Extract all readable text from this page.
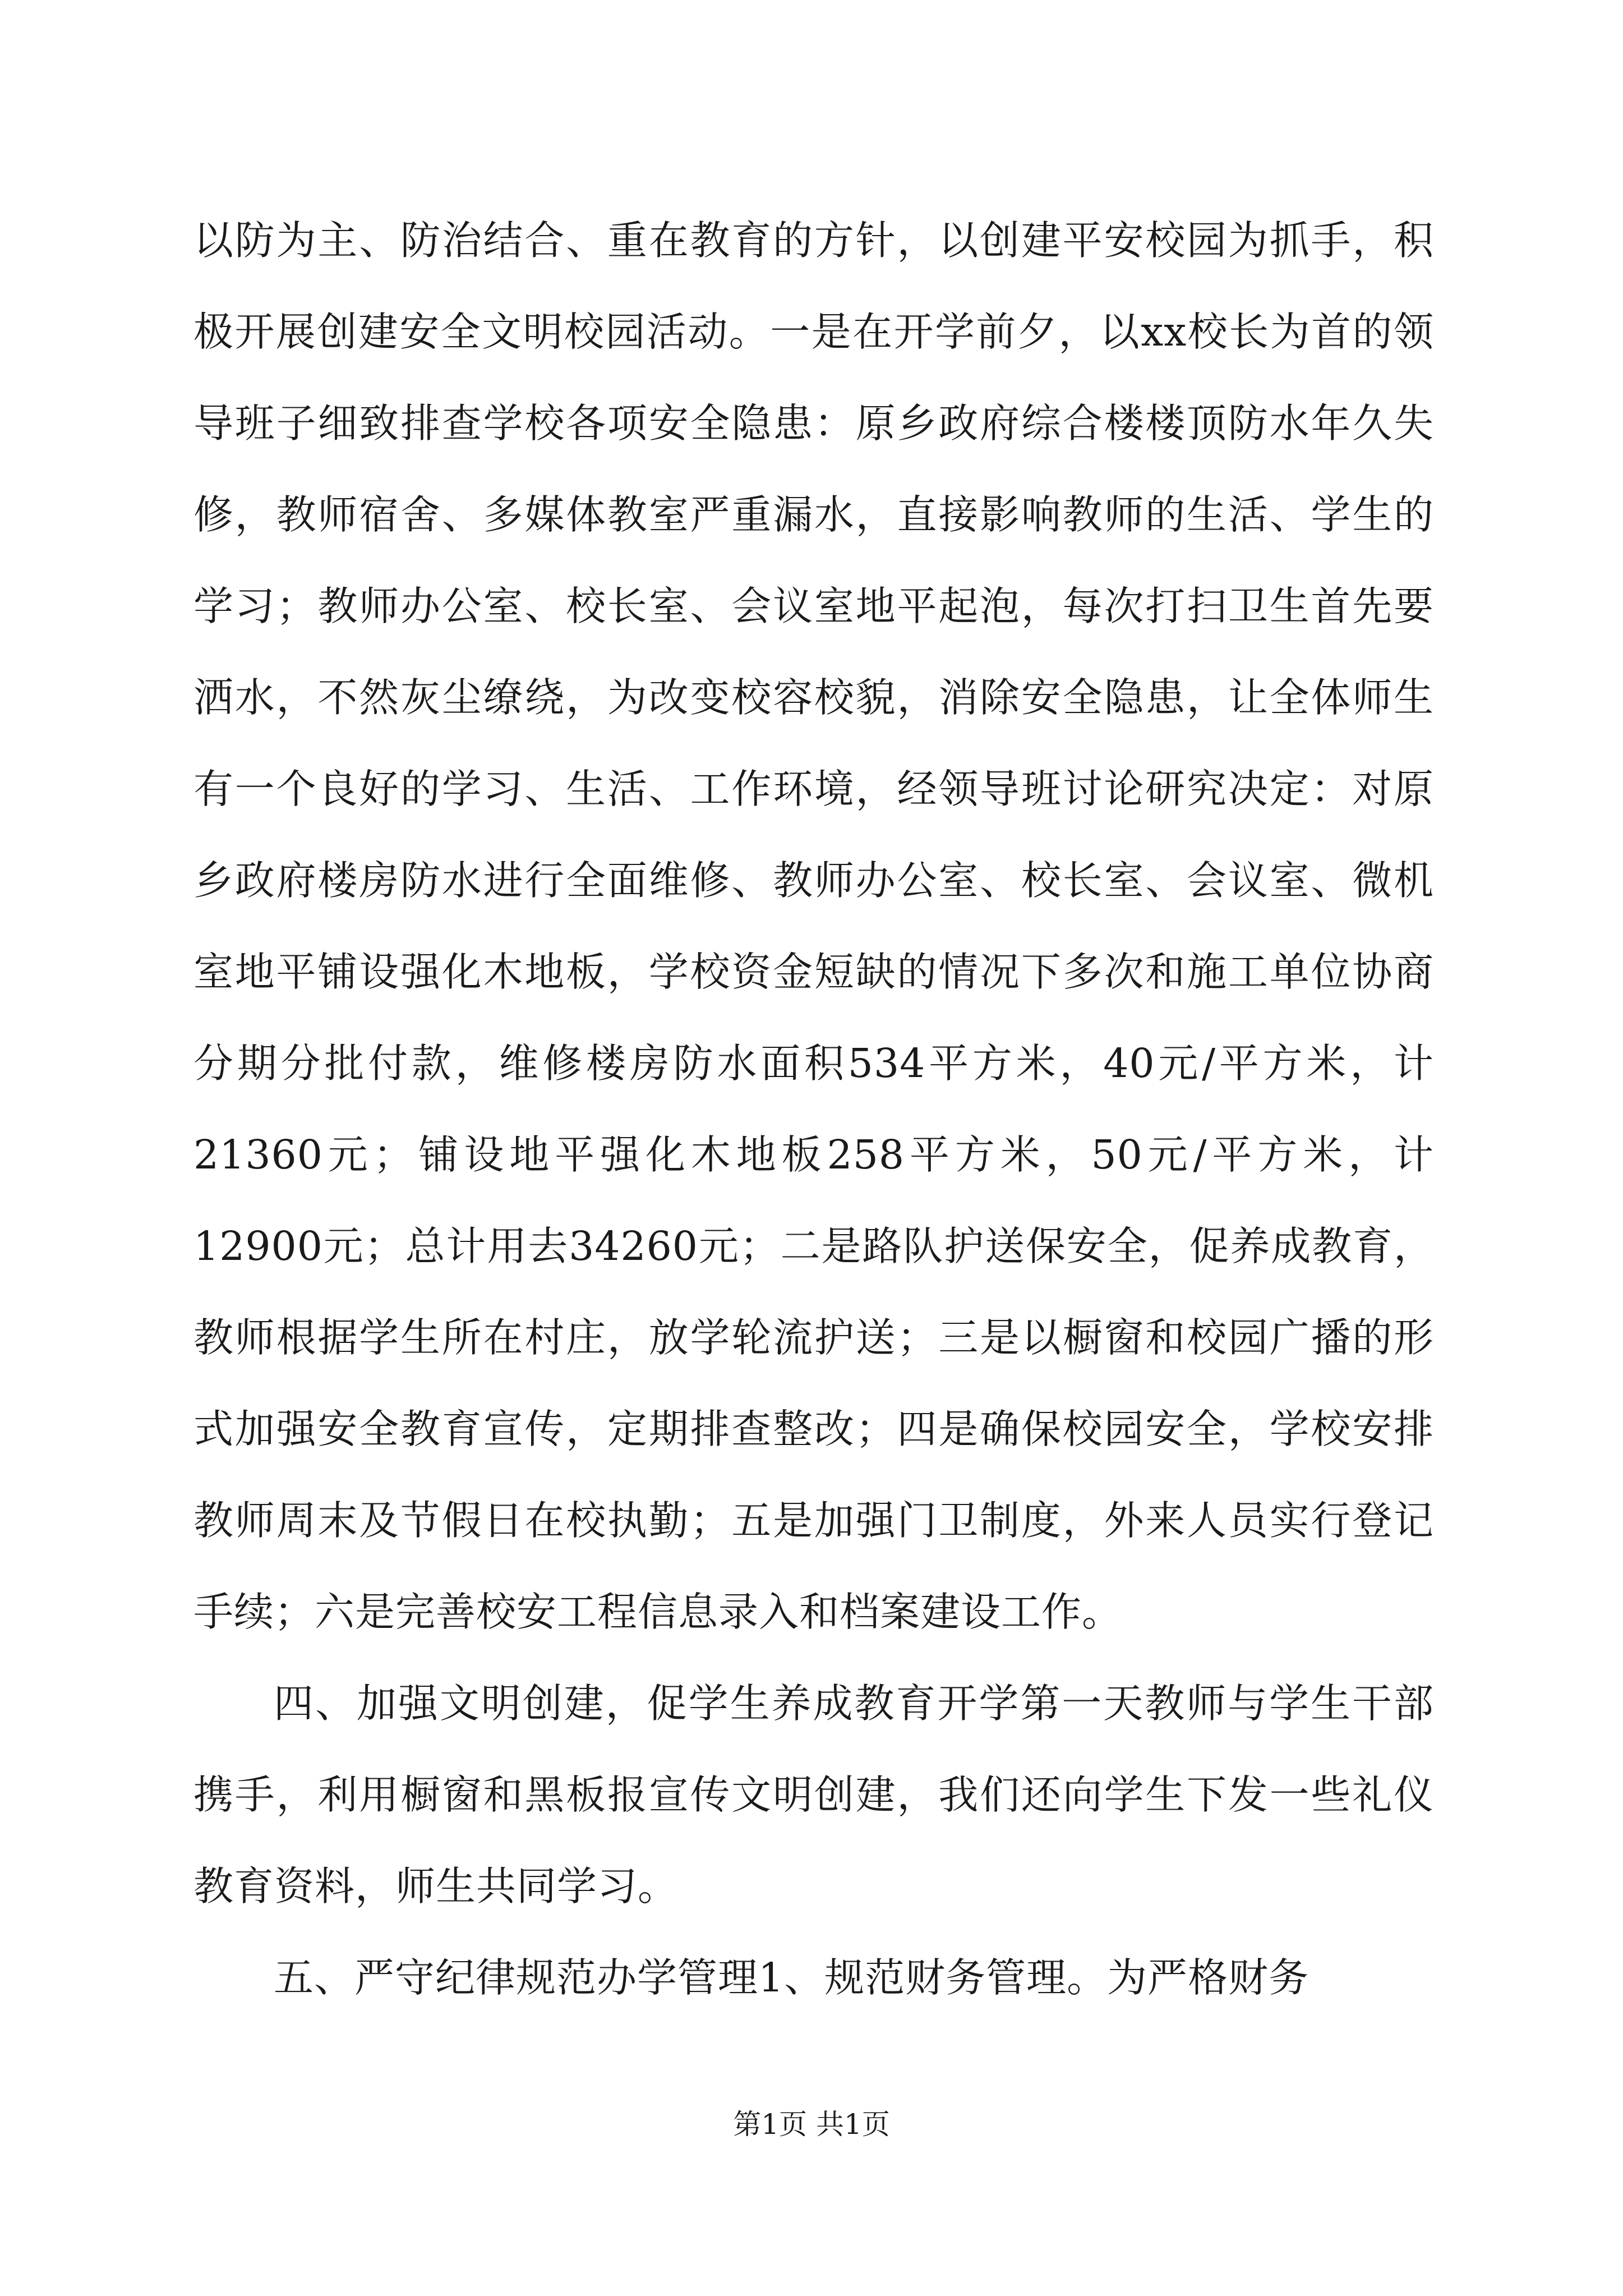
以防为主、防治结合、重在教育的方针，以创建平安校园为抓手，积极开展创建安全文明校园活动。一是在开学前夕，以xx校长为首的领导班子细致排查学校各项安全隐患：原乡政府综合楼楼顶防水年久失修，教师宿舍、多媒体教室严重漏水，直接影响教师的生活、学生的学习；教师办公室、校长室、会议室地平起泡，每次打扫卫生首先要洒水，不然灰尘缭绕，为改变校容校貌，消除安全隐患，让全体师生有一个良好的学习、生活、工作环境，经领导班讨论研究决定：对原乡政府楼房防水进行全面维修、教师办公室、校长室、会议室、微机室地平铺设强化木地板，学校资金短缺的情况下多次和施工单位协商分期分批付款，维修楼房防水面积534平方米，40元/平方米，计21360元；铺设地平强化木地板258平方米，50元/平方米，计12900元；总计用去34260元；二是路队护送保安全，促养成教育，教师根据学生所在村庄，放学轮流护送；三是以橱窗和校园广播的形式加强安全教育宣传，定期排查整改；四是确保校园安全，学校安排教师周末及节假日在校执勤；五是加强门卫制度，外来人员实行登记手续；六是完善校安工程信息录入和档案建设工作。

四、加强文明创建，促学生养成教育开学第一天教师与学生干部携手，利用橱窗和黑板报宣传文明创建，我们还向学生下发一些礼仪教育资料，师生共同学习。

五、严守纪律规范办学管理1、规范财务管理。为严格财务

第1页 共1页
